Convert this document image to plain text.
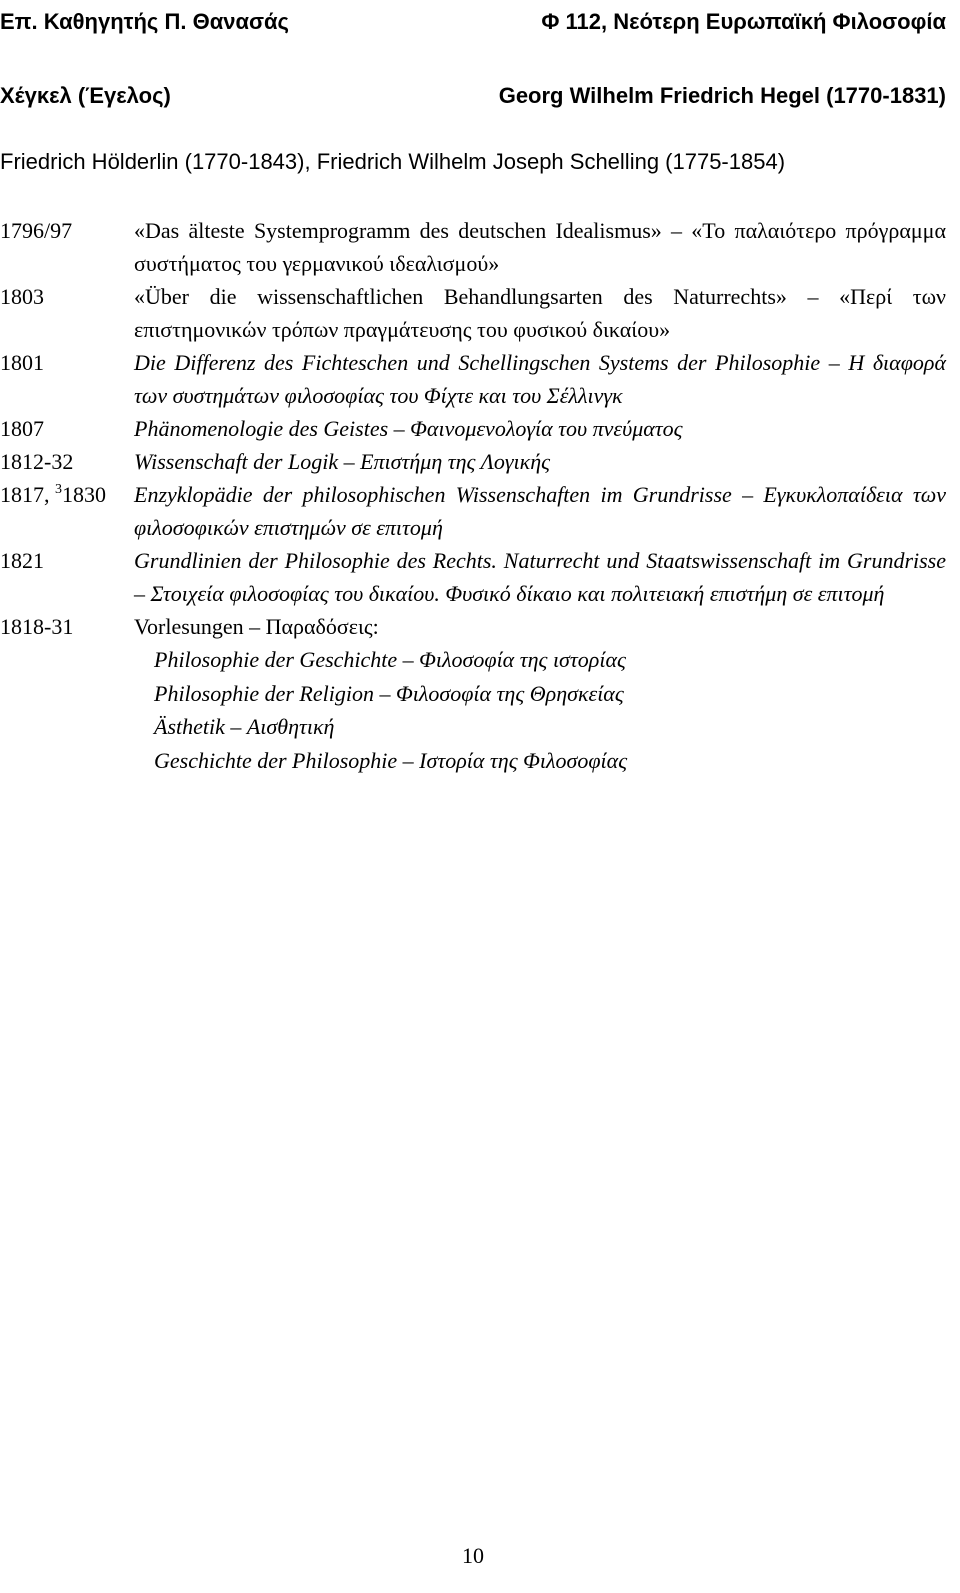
Επ. Καθηγητής Π. Θανασάς	Φ 112, Νεότερη Ευρωπαϊκή Φιλοσοφία
Χέγκελ (Έγελος)	Georg Wilhelm Friedrich Hegel (1770-1831)
Friedrich Hölderlin (1770-1843), Friedrich Wilhelm Joseph Schelling (1775-1854)
1796/97	«Das älteste Systemprogramm des deutschen Idealismus» – «Το παλαιότερο πρόγραμμα συστήματος του γερμανικού ιδεαλισμού»
1803	«Über die wissenschaftlichen Behandlungsarten des Naturrechts» – «Περί των επιστημονικών τρόπων πραγμάτευσης του φυσικού δικαίου»
1801	Die Differenz des Fichteschen und Schellingschen Systems der Philosophie – Η διαφορά των συστημάτων φιλοσοφίας του Φίχτε και του Σέλλινγκ
1807	Phänomenologie des Geistes – Φαινομενολογία του πνεύματος
1812-32	Wissenschaft der Logik – Επιστήμη της Λογικής
1817, $^3$1830	Enzyklopädie der philosophischen Wissenschaften im Grundrisse – Εγκυκλοπαίδεια των φιλοσοφικών επιστημών σε επιτομή
1821	Grundlinien der Philosophie des Rechts. Naturrecht und Staatswissenschaft im Grundrisse – Στοιχεία φιλοσοφίας του δικαίου. Φυσικό δίκαιο και πολιτειακή επιστήμη σε επιτομή
1818-31	Vorlesungen – Παραδόσεις:
Philosophie der Geschichte – Φιλοσοφία της ιστορίας
Philosophie der Religion – Φιλοσοφία της Θρησκείας
Ästhetik – Αισθητική
Geschichte der Philosophie – Ιστορία της Φιλοσοφίας
10
